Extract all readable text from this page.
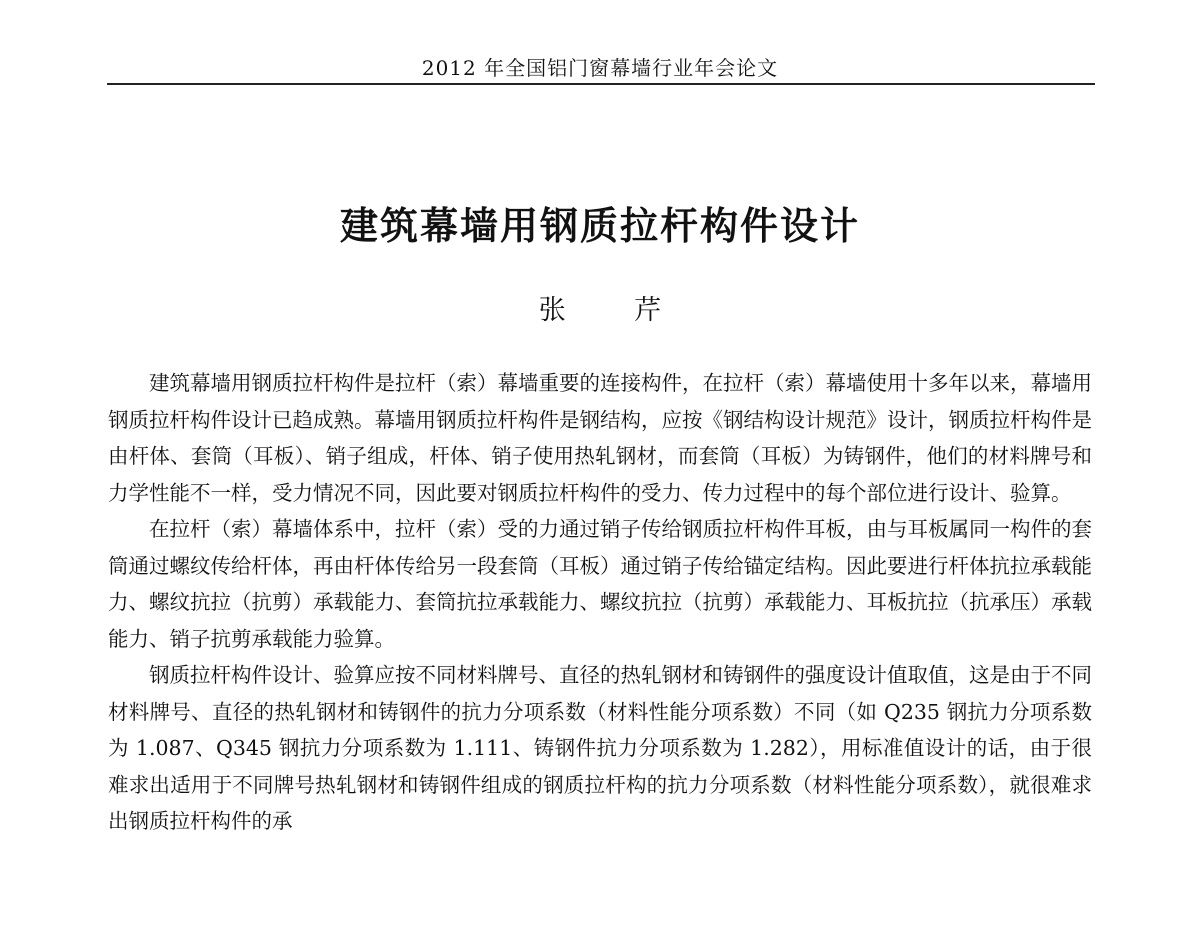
2012 年全国铝门窗幕墙行业年会论文
建筑幕墙用钢质拉杆构件设计
张 芹

建筑幕墙用钢质拉杆构件是拉杆（索）幕墙重要的连接构件，在拉杆（索）幕墙使用十多年以来，幕墙用钢质拉杆构件设计已趋成熟。幕墙用钢质拉杆构件是钢结构，应按《钢结构设计规范》设计，钢质拉杆构件是由杆体、套筒（耳板）、销子组成，杆体、销子使用热轧钢材，而套筒（耳板）为铸钢件，他们的材料牌号和力学性能不一样，受力情况不同，因此要对钢质拉杆构件的受力、传力过程中的每个部位进行设计、验算。

在拉杆（索）幕墙体系中，拉杆（索）受的力通过销子传给钢质拉杆构件耳板，由与耳板属同一构件的套筒通过螺纹传给杆体，再由杆体传给另一段套筒（耳板）通过销子传给锚定结构。因此要进行杆体抗拉承载能力、螺纹抗拉（抗剪）承载能力、套筒抗拉承载能力、螺纹抗拉（抗剪）承载能力、耳板抗拉（抗承压）承载能力、销子抗剪承载能力验算。

钢质拉杆构件设计、验算应按不同材料牌号、直径的热轧钢材和铸钢件的强度设计值取值，这是由于不同材料牌号、直径的热轧钢材和铸钢件的抗力分项系数（材料性能分项系数）不同（如 Q235 钢抗力分项系数为 1.087、Q345 钢抗力分项系数为 1.111、铸钢件抗力分项系数为 1.282），用标准值设计的话，由于很难求出适用于不同牌号热轧钢材和铸钢件组成的钢质拉杆构的抗力分项系数（材料性能分项系数），就很难求出钢质拉杆构件的承
